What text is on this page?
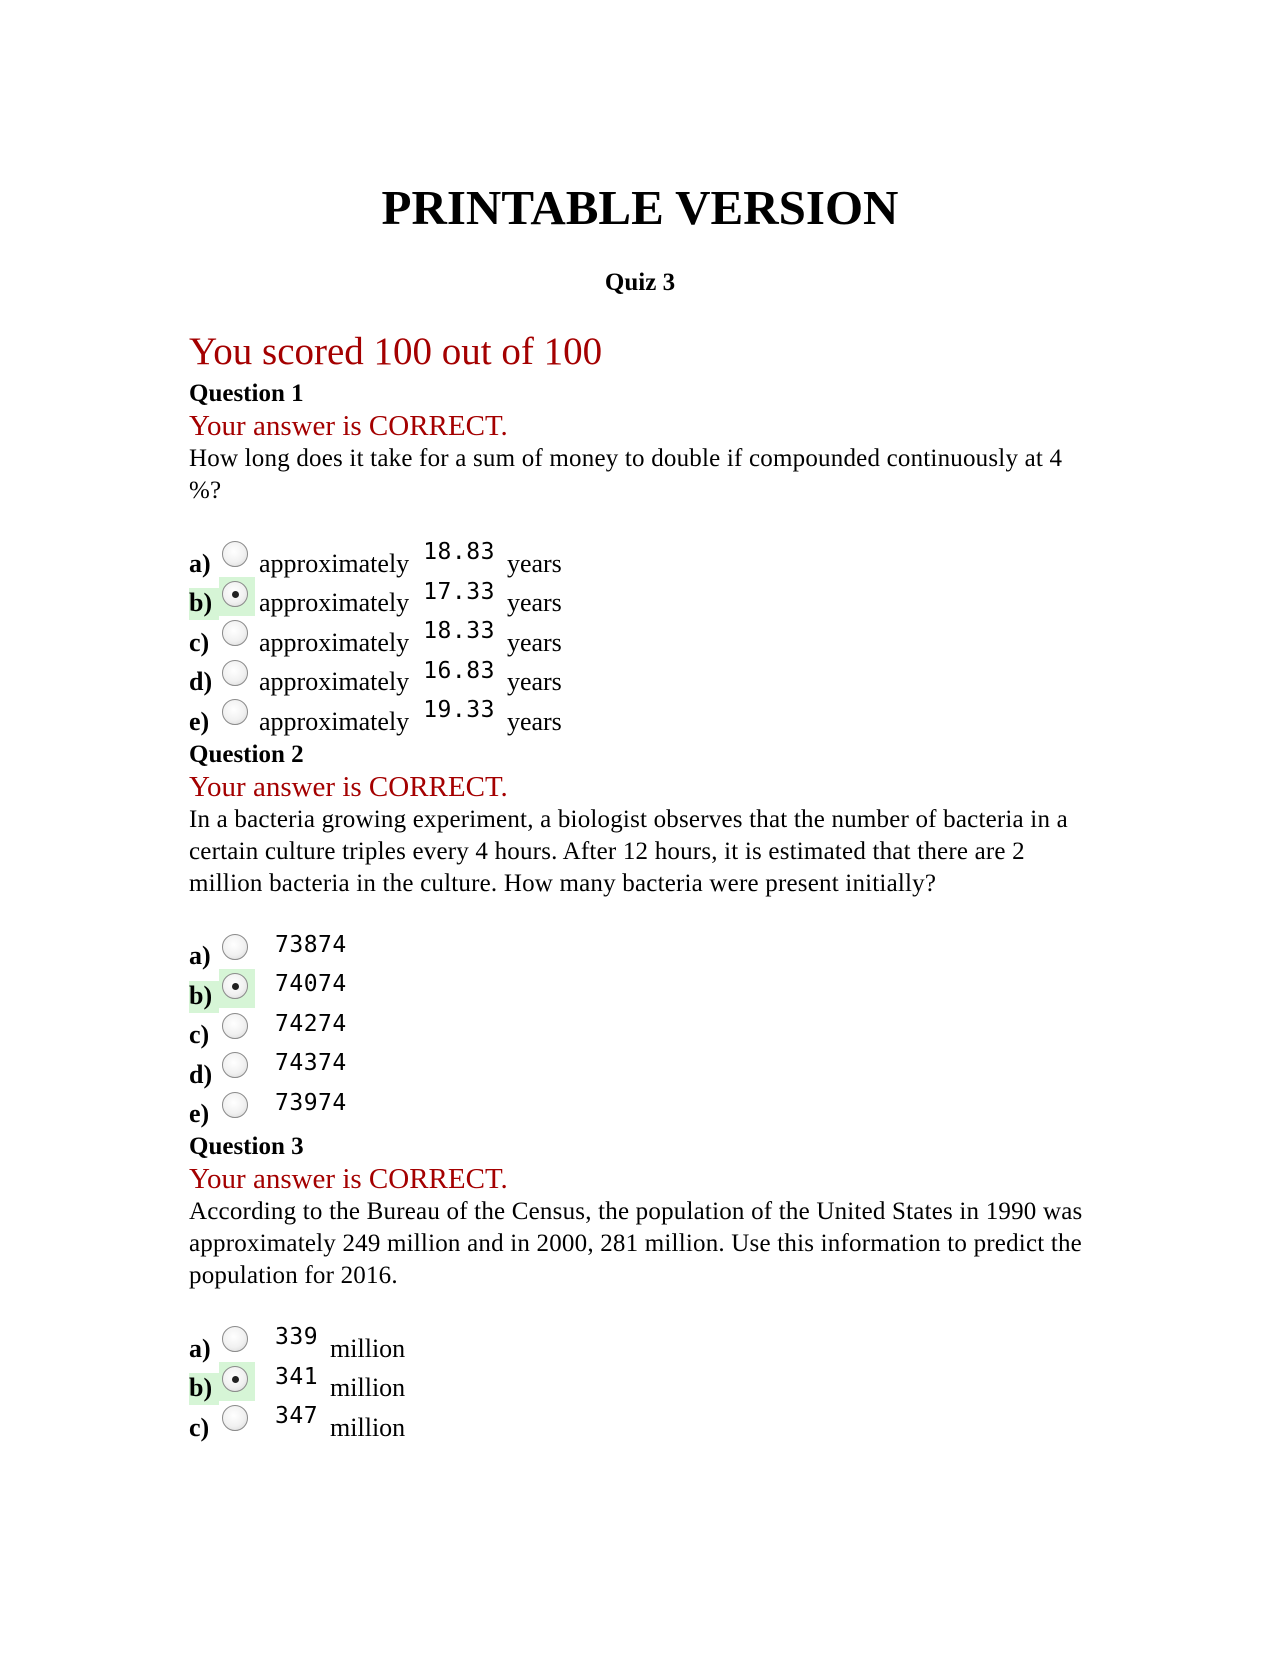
PRINTABLE VERSION
Quiz 3
You scored 100 out of 100
Question 1
Your answer is CORRECT.
How long does it take for a sum of money to double if compounded continuously at 4 %?
a)	approximately 18.83 years
b) approximately 17.33 years
c)	approximately 18.33 years
d) approximately 16.83 years
e)	approximately 19.33 years
Question 2
Your answer is CORRECT.
In a bacteria growing experiment, a biologist observes that the number of bacteria in a certain culture triples every 4 hours. After 12 hours, it is estimated that there are 2 million bacteria in the culture. How many bacteria were present initially?
a)	73874
b)	74074
c)	74274
d)	74374
e)	73974
Question 3
Your answer is CORRECT.
According to the Bureau of the Census, the population of the United States in 1990 was approximately 249 million and in 2000, 281 million. Use this information to predict the population for 2016.
a)	339 million
b)	341 million
c)	347 million
